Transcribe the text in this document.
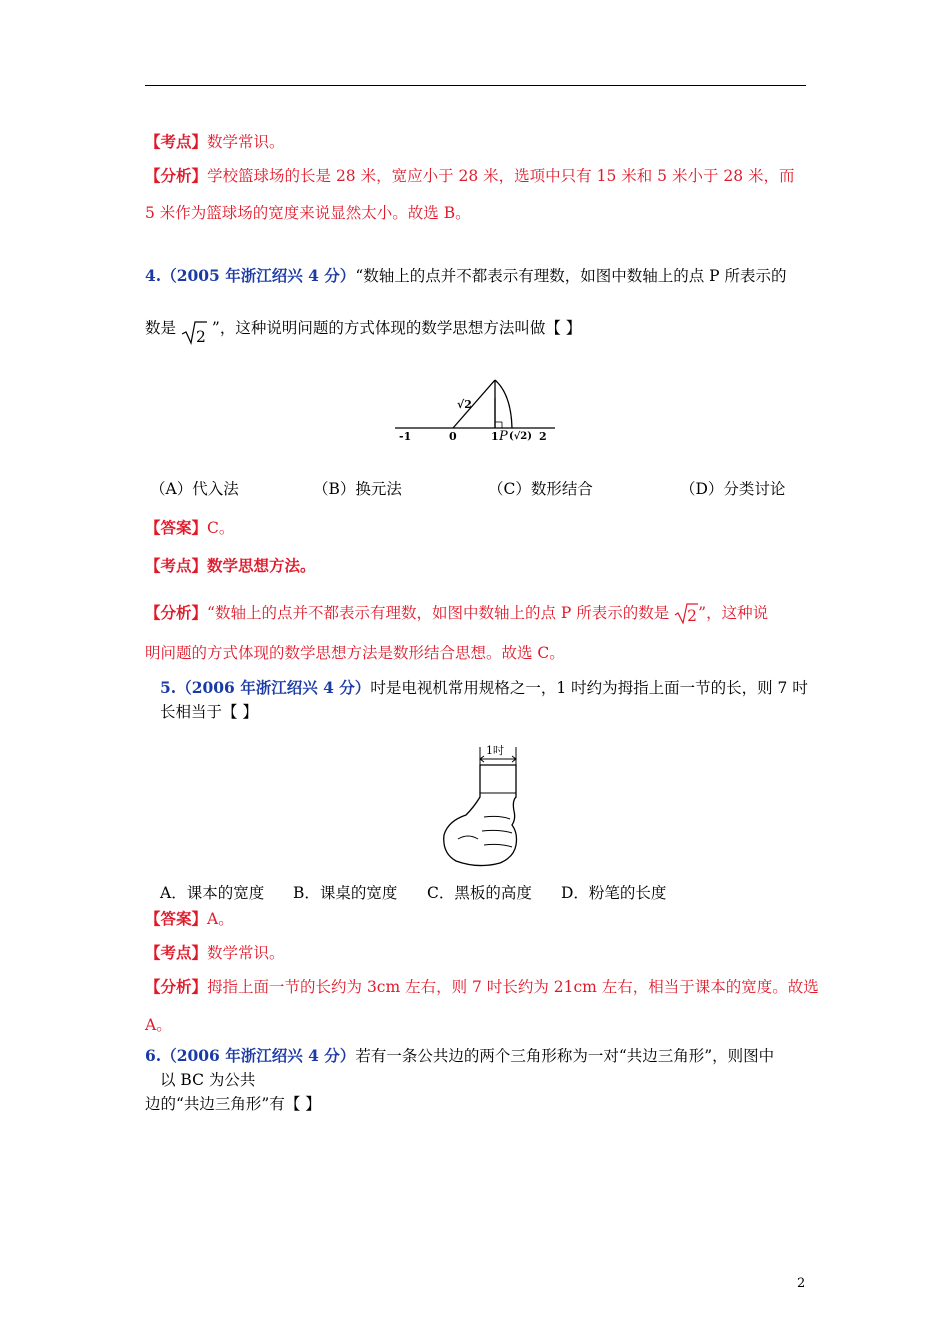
【考点】数学常识。
【分析】学校篮球场的长是 28 米，宽应小于 28 米，选项中只有 15 米和 5 米小于 28 米，而
5 米作为篮球场的宽度来说显然太小。故选 B。
4.（2005 年浙江绍兴 4 分）“数轴上的点并不都表示有理数，如图中数轴上的点 P 所表示的
数是 2 ”，这种说明问题的方式体现的数学思想方法叫做【 】
-1	0	1	2
√2
P (√2)
（A）代入法	（B）换元法	（C）数形结合	（D）分类讨论
【答案】C。
【考点】数学思想方法。
【分析】“数轴上的点并不都表示有理数，如图中数轴上的点 P 所表示的数是 2 ”，这种说
明问题的方式体现的数学思想方法是数形结合思想。故选 C。
5.（2006 年浙江绍兴 4 分）吋是电视机常用规格之一，1 吋约为拇指上面一节的长，则 7 吋
长相当于【 】
1吋
A．课本的宽度 B．课桌的宽度 C．黑板的高度 D．粉笔的长度
【答案】A。
【考点】数学常识。
【分析】拇指上面一节的长约为 3cm 左右，则 7 吋长约为 21cm 左右，相当于课本的宽度。故选
A。
6.（2006 年浙江绍兴 4 分）若有一条公共边的两个三角形称为一对“共边三角形”，则图中
以 BC 为公共
边的“共边三角形”有【 】
2
